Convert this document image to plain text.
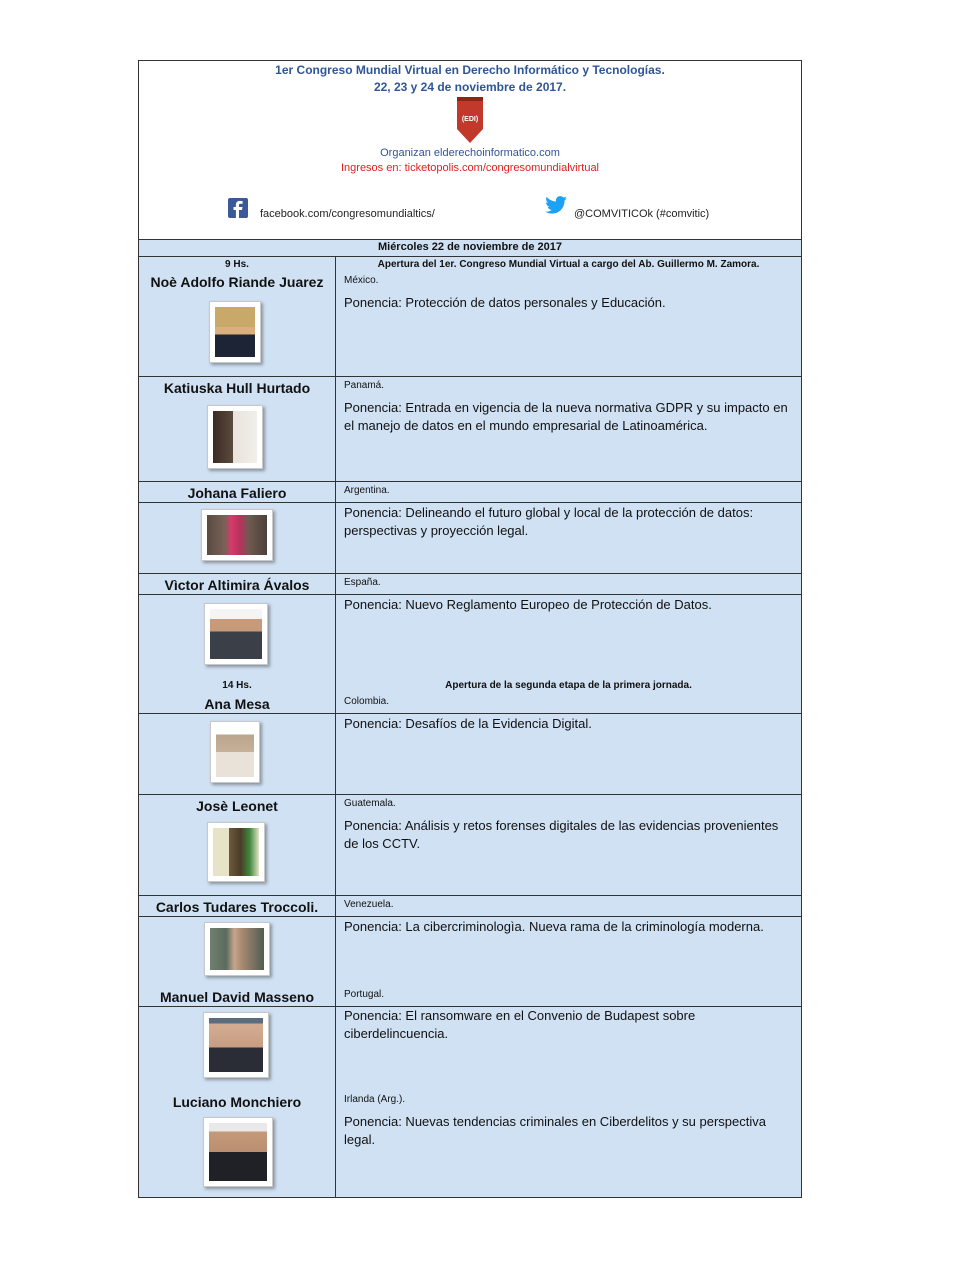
1er Congreso Mundial Virtual en Derecho Informático y Tecnologías.
22, 23 y 24 de noviembre de 2017.
(EDI)
Organizan elderechoinformatico.com
Ingresos en: ticketopolis.com/congresomundialvirtual
facebook.com/congresomundialtics/	@COMVITICOk (#comvitic)
Miércoles 22 de noviembre de 2017
9 Hs.	Apertura del 1er. Congreso Mundial Virtual a cargo del Ab. Guillermo M. Zamora.
Noè Adolfo Riande Juarez	México.
Ponencia: Protección de datos personales y Educación.
Katiuska Hull Hurtado	Panamá.
Ponencia: Entrada en vigencia de la nueva normativa GDPR y su impacto en el manejo de datos en el mundo empresarial de Latinoamérica.
Johana Faliero	Argentina.
Ponencia: Delineando el futuro global y local de la protección de datos: perspectivas y proyección legal.
Vìctor Altimira Ávalos	España.
Ponencia: Nuevo Reglamento Europeo de Protección de Datos.
14 Hs.	Apertura de la segunda etapa de la primera jornada.
Ana Mesa	Colombia.
Ponencia: Desafíos de la Evidencia Digital.
Josè Leonet	Guatemala.
Ponencia: Análisis y retos forenses digitales de las evidencias provenientes de los CCTV.
Carlos Tudares Troccoli.	Venezuela.
Ponencia: La cibercriminologìa. Nueva rama de la criminología moderna.
Manuel David Masseno	Portugal.
Ponencia: El ransomware en el Convenio de Budapest sobre ciberdelincuencia.
Luciano Monchiero	Irlanda (Arg.).
Ponencia: Nuevas tendencias criminales en Ciberdelitos y su perspectiva legal.
